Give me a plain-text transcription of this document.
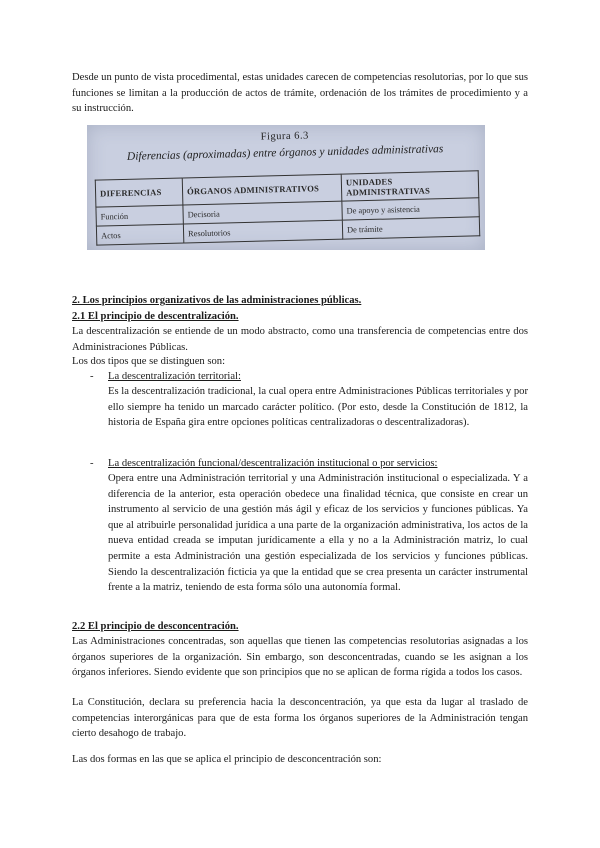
Desde un punto de vista procedimental, estas unidades carecen de competencias resolutorias, por lo que sus funciones se limitan a la producción de actos de trámite, ordenación de los trámites de procedimiento y a su instrucción.

Figura 6.3
Diferencias (aproximadas) entre órganos y unidades administrativas
DIFERENCIAS	ÓRGANOS ADMINISTRATIVOS	UNIDADES ADMINISTRATIVAS
Función	Decisoria	De apoyo y asistencia
Actos	Resolutorios	De trámite

2. Los principios organizativos de las administraciones públicas.

2.1 El principio de descentralización.

La descentralización se entiende de un modo abstracto, como una transferencia de competencias entre dos Administraciones Públicas.

Los dos tipos que se distinguen son:

- La descentralización territorial:

Es la descentralización tradicional, la cual opera entre Administraciones Públicas territoriales y por ello siempre ha tenido un marcado carácter político. (Por esto, desde la Constitución de 1812, la historia de España gira entre opciones políticas centralizadoras o descentralizadoras).

- La descentralización funcional/descentralización institucional o por servicios:

Opera entre una Administración territorial y una Administración institucional o especializada. Y a diferencia de la anterior, esta operación obedece una finalidad técnica, que consiste en crear un instrumento al servicio de una gestión más ágil y eficaz de los servicios y funciones públicas. Ya que al atribuirle personalidad jurídica a una parte de la organización administrativa, los actos de la nueva entidad creada se imputan jurídicamente a ella y no a la Administración matriz, lo cual permite a esta Administración una gestión especializada de los servicios y funciones públicas. Siendo la descentralización ficticia ya que la entidad que se crea presenta un carácter instrumental frente a la matriz, teniendo de esta forma sólo una autonomía formal.

2.2 El principio de desconcentración.

Las Administraciones concentradas, son aquellas que tienen las competencias resolutorias asignadas a los órganos superiores de la organización. Sin embargo, son desconcentradas, cuando se les asignan a los órganos inferiores. Siendo evidente que son principios que no se aplican de forma rígida a todos los casos.

La Constitución, declara su preferencia hacia la desconcentración, ya que esta da lugar al traslado de competencias interorgánicas para que de esta forma los órganos superiores de la Administración tengan cierto desahogo de trabajo.

Las dos formas en las que se aplica el principio de desconcentración son:
